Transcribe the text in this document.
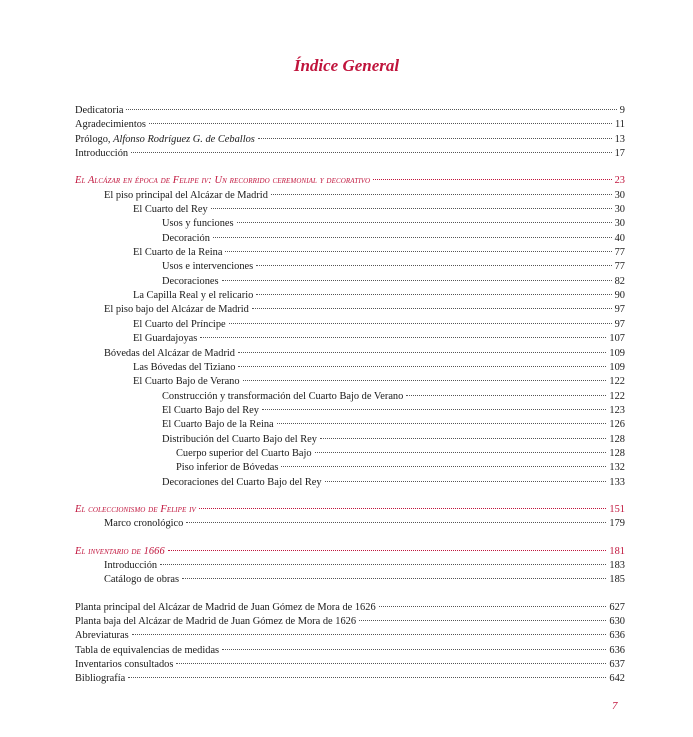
Índice General
Dedicatoria	9
Agradecimientos	11
Prólogo, Alfonso Rodríguez G. de Ceballos	13
Introducción	17
El Alcázar en época de Felipe iv: Un recorrido ceremonial y decorativo	23
El piso principal del Alcázar de Madrid	30
El Cuarto del Rey	30
Usos y funciones	30
Decoración	40
El Cuarto de la Reina	77
Usos e intervenciones	77
Decoraciones	82
La Capilla Real y el relicario	90
El piso bajo del Alcázar de Madrid	97
El Cuarto del Príncipe	97
El Guardajoyas	107
Bóvedas del Alcázar de Madrid	109
Las Bóvedas del Tiziano	109
El Cuarto Bajo de Verano	122
Construcción y transformación del Cuarto Bajo de Verano	122
El Cuarto Bajo del Rey	123
El Cuarto Bajo de la Reina	126
Distribución del Cuarto Bajo del Rey	128
Cuerpo superior del Cuarto Bajo	128
Piso inferior de Bóvedas	132
Decoraciones del Cuarto Bajo del Rey	133
El coleccionismo de Felipe iv	151
Marco cronológico	179
El inventario de 1666	181
Introducción	183
Catálogo de obras	185
Planta principal del Alcázar de Madrid de Juan Gómez de Mora de 1626	627
Planta baja del Alcázar de Madrid de Juan Gómez de Mora de 1626	630
Abreviaturas	636
Tabla de equivalencias de medidas	636
Inventarios consultados	637
Bibliografía	642
7
